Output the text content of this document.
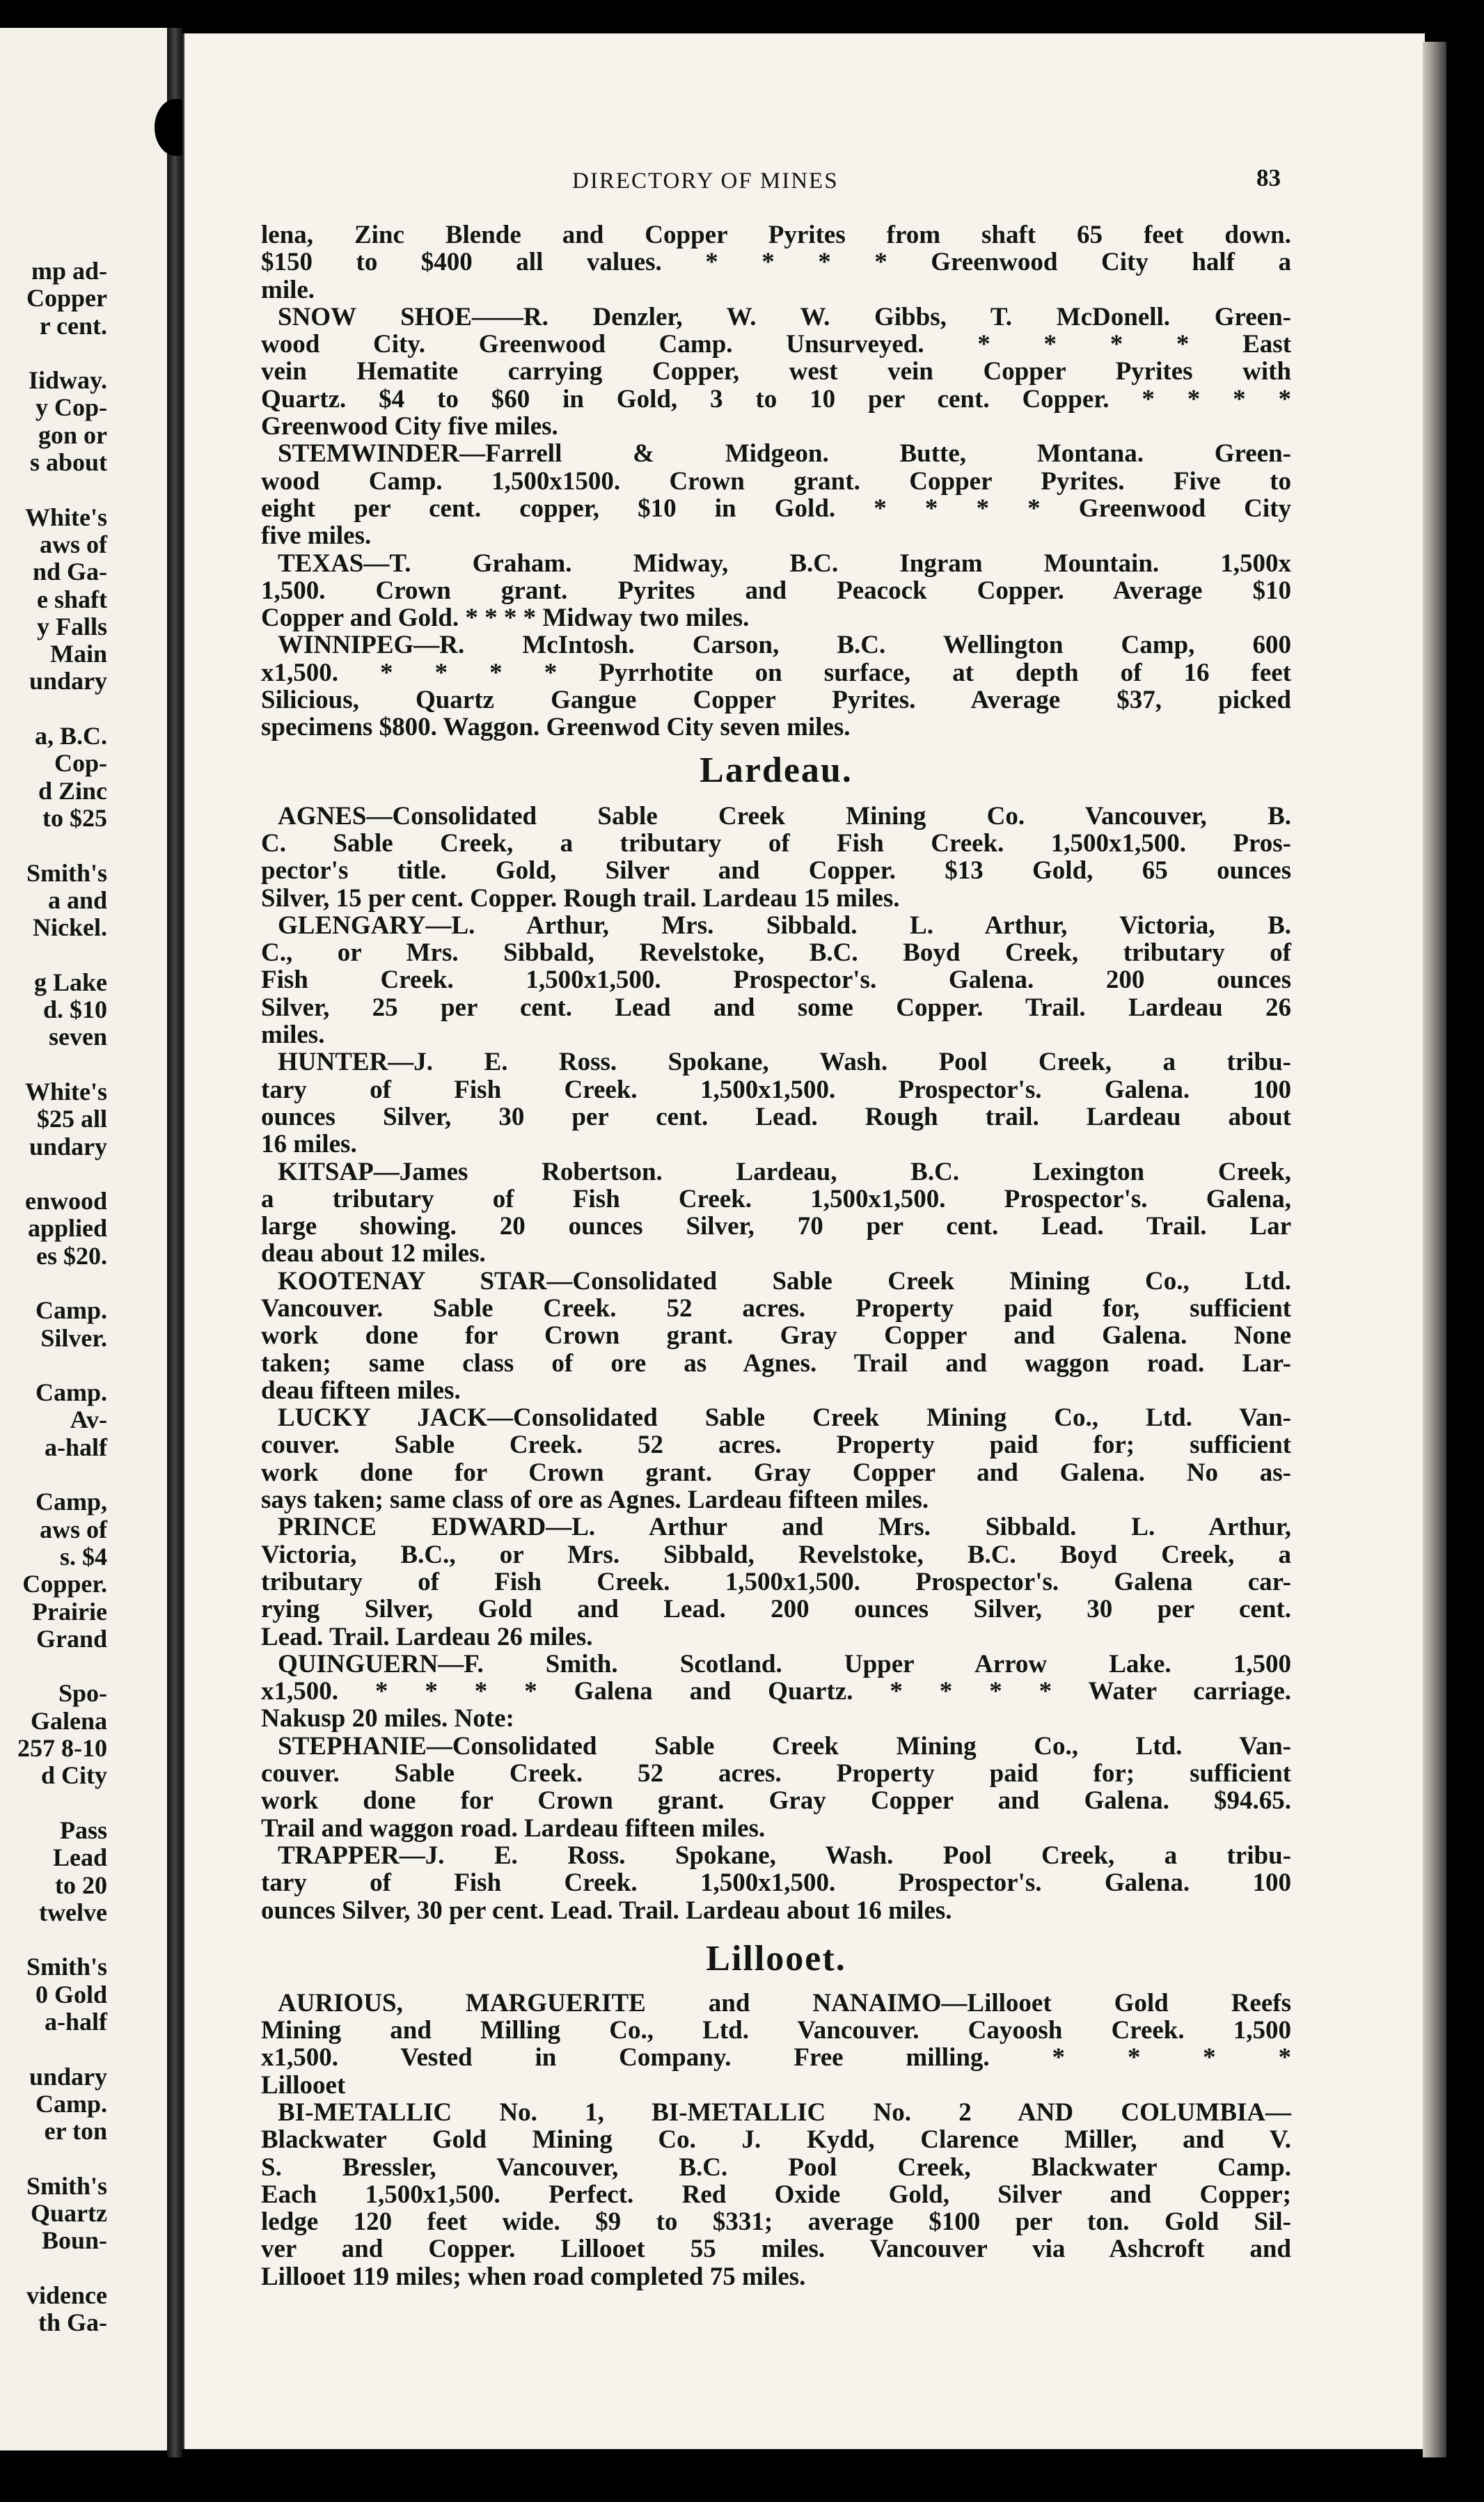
mp ad-
Copper
r cent.
Iidway.
y Cop-
gon or
s about
White's
aws of
nd Ga-
e shaft
y Falls
Main
undary
a, B.C.
Cop-
d Zinc
to $25
Smith's
a and
Nickel.
g Lake
d. $10
seven
White's
$25 all
undary
enwood
applied
es $20.
Camp.
Silver.
Camp.
Av-
a-half
Camp,
aws of
s. $4
Copper.
Prairie
Grand
Spo-
Galena
257 8-10
d City
Pass
Lead
to 20
twelve
Smith's
0 Gold
a-half
undary
Camp.
er ton
Smith's
Quartz
Boun-
vidence
th Ga-
DIRECTORY OF MINES	83
lena, Zinc Blende and Copper Pyrites from shaft 65 feet down.
$150 to $400 all values. * * * * Greenwood City half a
mile.
SNOW SHOE——R. Denzler, W. W. Gibbs, T. McDonell. Green-
wood City. Greenwood Camp. Unsurveyed. * * * * East
vein Hematite carrying Copper, west vein Copper Pyrites with
Quartz. $4 to $60 in Gold, 3 to 10 per cent. Copper. * * * *
Greenwood City five miles.
STEMWINDER—Farrell & Midgeon. Butte, Montana. Green-
wood Camp. 1,500x1500. Crown grant. Copper Pyrites. Five to
eight per cent. copper, $10 in Gold. * * * * Greenwood City
five miles.
TEXAS—T. Graham. Midway, B.C. Ingram Mountain. 1,500x
1,500. Crown grant. Pyrites and Peacock Copper. Average $10
Copper and Gold. * * * * Midway two miles.
WINNIPEG—R. McIntosh. Carson, B.C. Wellington Camp, 600
x1,500. * * * * Pyrrhotite on surface, at depth of 16 feet
Silicious, Quartz Gangue Copper Pyrites. Average $37, picked
specimens $800. Waggon. Greenwod City seven miles.
Lardeau.
AGNES—Consolidated Sable Creek Mining Co. Vancouver, B.
C. Sable Creek, a tributary of Fish Creek. 1,500x1,500. Pros-
pector's title. Gold, Silver and Copper. $13 Gold, 65 ounces
Silver, 15 per cent. Copper. Rough trail. Lardeau 15 miles.
GLENGARY—L. Arthur, Mrs. Sibbald. L. Arthur, Victoria, B.
C., or Mrs. Sibbald, Revelstoke, B.C. Boyd Creek, tributary of
Fish Creek. 1,500x1,500. Prospector's. Galena. 200 ounces
Silver, 25 per cent. Lead and some Copper. Trail. Lardeau 26
miles.
HUNTER—J. E. Ross. Spokane, Wash. Pool Creek, a tribu-
tary of Fish Creek. 1,500x1,500. Prospector's. Galena. 100
ounces Silver, 30 per cent. Lead. Rough trail. Lardeau about
16 miles.
KITSAP—James Robertson. Lardeau, B.C. Lexington Creek,
a tributary of Fish Creek. 1,500x1,500. Prospector's. Galena,
large showing. 20 ounces Silver, 70 per cent. Lead. Trail. Lar
deau about 12 miles.
KOOTENAY STAR—Consolidated Sable Creek Mining Co., Ltd.
Vancouver. Sable Creek. 52 acres. Property paid for, sufficient
work done for Crown grant. Gray Copper and Galena. None
taken; same class of ore as Agnes. Trail and waggon road. Lar-
deau fifteen miles.
LUCKY JACK—Consolidated Sable Creek Mining Co., Ltd. Van-
couver. Sable Creek. 52 acres. Property paid for; sufficient
work done for Crown grant. Gray Copper and Galena. No as-
says taken; same class of ore as Agnes. Lardeau fifteen miles.
PRINCE EDWARD—L. Arthur and Mrs. Sibbald. L. Arthur,
Victoria, B.C., or Mrs. Sibbald, Revelstoke, B.C. Boyd Creek, a
tributary of Fish Creek. 1,500x1,500. Prospector's. Galena car-
rying Silver, Gold and Lead. 200 ounces Silver, 30 per cent.
Lead. Trail. Lardeau 26 miles.
QUINGUERN—F. Smith. Scotland. Upper Arrow Lake. 1,500
x1,500. * * * * Galena and Quartz. * * * * Water carriage.
Nakusp 20 miles. Note:
STEPHANIE—Consolidated Sable Creek Mining Co., Ltd. Van-
couver. Sable Creek. 52 acres. Property paid for; sufficient
work done for Crown grant. Gray Copper and Galena. $94.65.
Trail and waggon road. Lardeau fifteen miles.
TRAPPER—J. E. Ross. Spokane, Wash. Pool Creek, a tribu-
tary of Fish Creek. 1,500x1,500. Prospector's. Galena. 100
ounces Silver, 30 per cent. Lead. Trail. Lardeau about 16 miles.
Lillooet.
AURIOUS, MARGUERITE and NANAIMO—Lillooet Gold Reefs
Mining and Milling Co., Ltd. Vancouver. Cayoosh Creek. 1,500
x1,500. Vested in Company. Free milling. * * * *
Lillooet
BI-METALLIC No. 1, BI-METALLIC No. 2 AND COLUMBIA—
Blackwater Gold Mining Co. J. Kydd, Clarence Miller, and V.
S. Bressler, Vancouver, B.C. Pool Creek, Blackwater Camp.
Each 1,500x1,500. Perfect. Red Oxide Gold, Silver and Copper;
ledge 120 feet wide. $9 to $331; average $100 per ton. Gold Sil-
ver and Copper. Lillooet 55 miles. Vancouver via Ashcroft and
Lillooet 119 miles; when road completed 75 miles.
